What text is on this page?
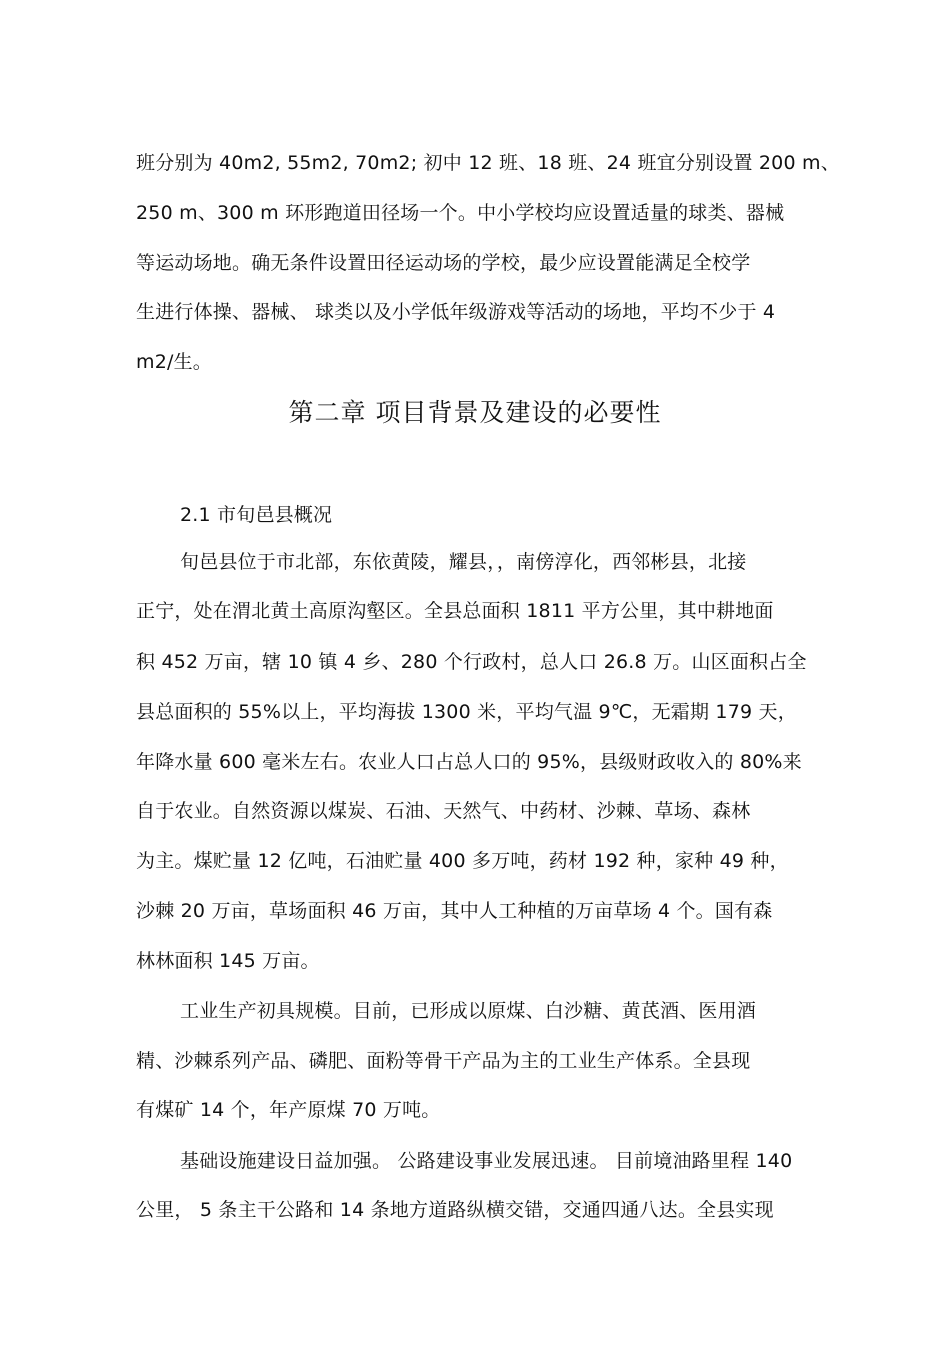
班分别为 40m2, 55m2, 70m2; 初中 12 班、18 班、24 班宜分别设置 200 m、
250 m、300 m 环形跑道田径场一个。中小学校均应设置适量的球类、器械
等运动场地。确无条件设置田径运动场的学校，最少应设置能满足全校学
生进行体操、器械、 球类以及小学低年级游戏等活动的场地，平均不少于 4
m2/生。
第二章 项目背景及建设的必要性
2.1 市旬邑县概况
旬邑县位于市北部，东依黄陵，耀县，，南傍淳化，西邻彬县，北接
正宁，处在渭北黄土高原沟壑区。全县总面积 1811 平方公里，其中耕地面
积 452 万亩，辖 10 镇 4 乡、280 个行政村，总人口 26.8 万。山区面积占全
县总面积的 55%以上，平均海拔 1300 米，平均气温 9℃，无霜期 179 天，
年降水量 600 毫米左右。农业人口占总人口的 95%，县级财政收入的 80%来
自于农业。自然资源以煤炭、石油、天然气、中药材、沙棘、草场、森林
为主。煤贮量 12 亿吨，石油贮量 400 多万吨，药材 192 种，家种 49 种，
沙棘 20 万亩，草场面积 46 万亩，其中人工种植的万亩草场 4 个。国有森
林林面积 145 万亩。
工业生产初具规模。目前，已形成以原煤、白沙糖、黄芪酒、医用酒
精、沙棘系列产品、磷肥、面粉等骨干产品为主的工业生产体系。全县现
有煤矿 14 个，年产原煤 70 万吨。
基础设施建设日益加强。 公路建设事业发展迅速。 目前境油路里程 140
公里， 5 条主干公路和 14 条地方道路纵横交错，交通四通八达。全县实现
